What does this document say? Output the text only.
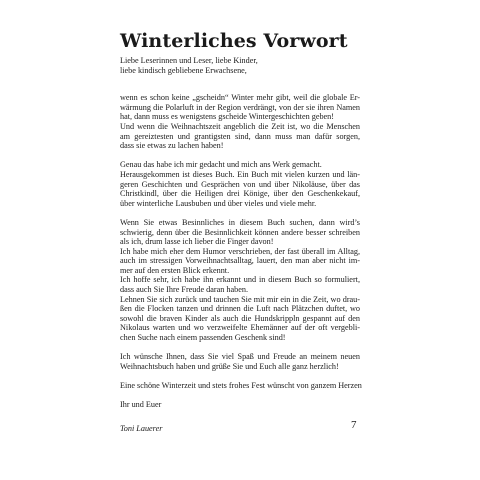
Winterliches Vorwort
Liebe Leserinnen und Leser, liebe Kinder,
liebe kindisch gebliebene Erwachsene,
wenn es schon keine „gscheidn“ Winter mehr gibt, weil die globale Er-
wärmung die Polarluft in der Region verdrängt, von der sie ihren Namen
hat, dann muss es wenigstens gscheide Wintergeschichten geben!
Und wenn die Weihnachtszeit angeblich die Zeit ist, wo die Menschen
am gereiztesten und grantigsten sind, dann muss man dafür sorgen,
dass sie etwas zu lachen haben!
Genau das habe ich mir gedacht und mich ans Werk gemacht.
Herausgekommen ist dieses Buch. Ein Buch mit vielen kurzen und län-
geren Geschichten und Gesprächen von und über Nikoläuse, über das
Christkindl, über die Heiligen drei Könige, über den Geschenkekauf,
über winterliche Lausbuben und über vieles und viele mehr.
Wenn Sie etwas Besinnliches in diesem Buch suchen, dann wird’s
schwierig, denn über die Besinnlichkeit können andere besser schreiben
als ich, drum lasse ich lieber die Finger davon!
Ich habe mich eher dem Humor verschrieben, der fast überall im Alltag,
auch im stressigen Vorweihnachtsalltag, lauert, den man aber nicht im-
mer auf den ersten Blick erkennt.
Ich hoffe sehr, ich habe ihn erkannt und in diesem Buch so formuliert,
dass auch Sie Ihre Freude daran haben.
Lehnen Sie sich zurück und tauchen Sie mit mir ein in die Zeit, wo drau-
ßen die Flocken tanzen und drinnen die Luft nach Plätzchen duftet, wo
sowohl die braven Kinder als auch die Hundskrippln gespannt auf den
Nikolaus warten und wo verzweifelte Ehemänner auf der oft vergebli-
chen Suche nach einem passenden Geschenk sind!
Ich wünsche Ihnen, dass Sie viel Spaß und Freude an meinem neuen
Weihnachtsbuch haben und grüße Sie und Euch alle ganz herzlich!
Eine schöne Winterzeit und stets frohes Fest wünscht von ganzem Herzen
Ihr und Euer
Toni Lauerer	7
